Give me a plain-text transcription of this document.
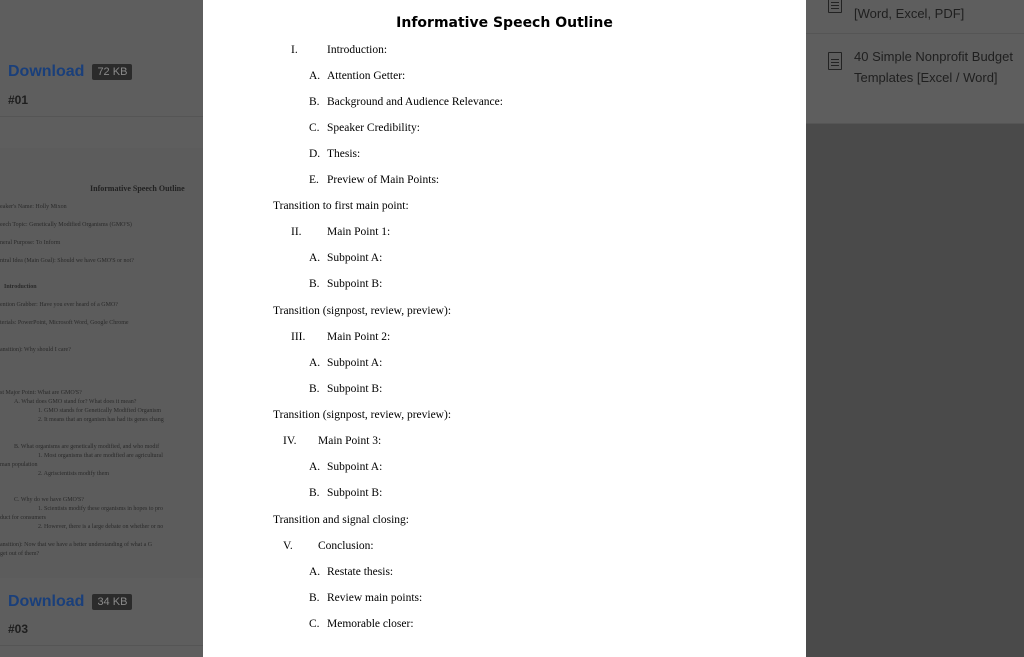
Download	72 KB
#01
Informative Speech Outline
eaker's Name: Holly Mixon
eech Topic: Genetically Modified Organisms (GMO'S)
neral Purpose: To Inform
ntral Idea (Main Goal): Should we have GMO'S or not?
Introduction
ention Grabber: Have you ever heard of a GMO?
terials: PowerPoint, Microsoft Word, Google Chrome
ansition): Why should I care?
st Major Point: What are GMO'S?
A. What does GMO stand for? What does it mean?
1. GMO stands for Genetically Modified Organism
2. It means that an organism has had its genes chang
B. What organisms are genetically modified, and who modif
1. Most organisms that are modified are agricultural
man population
2. Agriscientists modify them
C. Why do we have GMO'S?
1. Scientists modify these organisms in hopes to pro
duct for consumers
2. However, there is a large debate on whether or no
ansition): Now that we have a better understanding of what a G
get out of them?
Download	34 KB
#03
[Word, Excel, PDF]
40 Simple Nonprofit Budget
Templates [Excel / Word]
Informative Speech Outline
I.	Introduction:
A. Attention Getter:
B. Background and Audience Relevance:
C. Speaker Credibility:
D. Thesis:
E. Preview of Main Points:
Transition to first main point:
II. Main Point 1:
A. Subpoint A:
B. Subpoint B:
Transition (signpost, review, preview):
III. Main Point 2:
A. Subpoint A:
B. Subpoint B:
Transition (signpost, review, preview):
IV. Main Point 3:
A. Subpoint A:
B. Subpoint B:
Transition and signal closing:
V. Conclusion:
A. Restate thesis:
B. Review main points:
C. Memorable closer:
